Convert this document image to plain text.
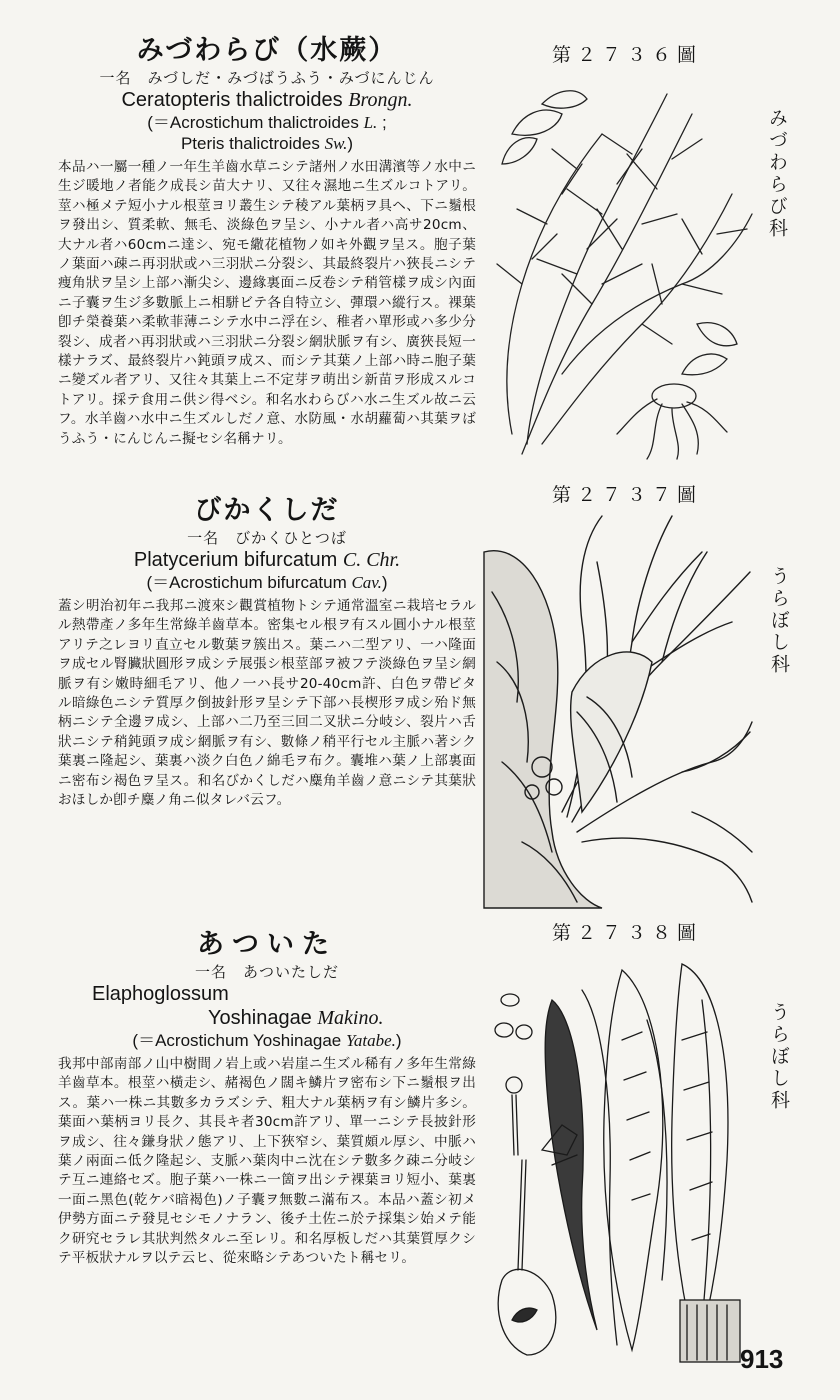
みづわらび（水蕨）

一名　みづしだ・みづばうふう・みづにんじん

Ceratopteris thalictroides Brongn.

(＝Acrostichum thalictroides L. ;

Pteris thalictroides Sw.)

本品ハ一屬一種ノ一年生羊齒水草ニシテ諸州ノ水田溝濱等ノ水中ニ生ジ暖地ノ者能ク成長シ苗大ナリ、又往々濕地ニ生ズルコトアリ。莖ハ極メテ短小ナル根莖ヨリ叢生シテ稜アル葉柄ヲ具ヘ、下ニ鬚根ヲ發出シ、質柔軟、無毛、淡綠色ヲ呈シ、小ナル者ハ高サ20cm、大ナル者ハ60cmニ達シ、宛モ繖花植物ノ如キ外觀ヲ呈ス。胞子葉ノ葉面ハ疎ニ再羽狀或ハ三羽狀ニ分裂シ、其最終裂片ハ狹長ニシテ痩角狀ヲ呈シ上部ハ漸尖シ、邊緣裏面ニ反卷シテ稍管樣ヲ成シ內面ニ子囊ヲ生ジ多數脈上ニ相駢ビテ各自特立シ、彈環ハ縱行ス。裸葉卽チ榮養葉ハ柔軟菲薄ニシテ水中ニ浮在シ、稚者ハ單形或ハ多少分裂シ、成者ハ再羽狀或ハ三羽狀ニ分裂シ網狀脈ヲ有シ、廣狹長短一樣ナラズ、最終裂片ハ鈍頭ヲ成ス、而シテ其葉ノ上部ハ時ニ胞子葉ニ變ズル者アリ、又往々其葉上ニ不定芽ヲ萌出シ新苗ヲ形成スルコトアリ。採テ食用ニ供シ得ベシ。和名水わらびハ水ニ生ズル故ニ云フ。水羊齒ハ水中ニ生ズルしだノ意、水防風・水胡蘿蔔ハ其葉ヲばうふう・にんじんニ擬セシ名稱ナリ。

びかくしだ

一名　びかくひとつば

Platycerium bifurcatum C. Chr.

(＝Acrostichum bifurcatum Cav.)

蓋シ明治初年ニ我邦ニ渡來シ觀賞植物トシテ通常溫室ニ栽培セラルル熱帶產ノ多年生常綠羊齒草本。密集セル根ヲ有スル圓小ナル根莖アリテ之レヨリ直立セル數葉ヲ簇出ス。葉ニハ二型アリ、一ハ隆面ヲ成セル腎臟狀圓形ヲ成シテ展張シ根莖部ヲ被フテ淡綠色ヲ呈シ網脈ヲ有シ嫩時細毛アリ、他ノ一ハ長サ20-40cm許、白色ヲ帶ビタル暗綠色ニシテ質厚ク倒披針形ヲ呈シテ下部ハ長楔形ヲ成シ殆ド無柄ニシテ全邊ヲ成シ、上部ハ二乃至三回二叉狀ニ分岐シ、裂片ハ舌狀ニシテ稍鈍頭ヲ成シ網脈ヲ有シ、數條ノ稍平行セル主脈ハ著シク葉裏ニ隆起シ、葉裏ハ淡ク白色ノ綿毛ヲ布ク。囊堆ハ葉ノ上部裏面ニ密布シ褐色ヲ呈ス。和名びかくしだハ麋角羊齒ノ意ニシテ其葉狀おほしか卽チ麋ノ角ニ似タレバ云フ。

あついた

一名　あついたしだ

Elaphoglossum

Yoshinagae Makino.

(＝Acrostichum Yoshinagae Yatabe.)

我邦中部南部ノ山中樹間ノ岩上或ハ岩崖ニ生ズル稀有ノ多年生常綠羊齒草本。根莖ハ橫走シ、赭褐色ノ闊キ鱗片ヲ密布シ下ニ鬚根ヲ出ス。葉ハ一株ニ其數多カラズシテ、粗大ナル葉柄ヲ有シ鱗片多シ。葉面ハ葉柄ヨリ長ク、其長キ者30cm許アリ、單一ニシテ長披針形ヲ成シ、往々鎌身狀ノ態アリ、上下狹窄シ、葉質頗ル厚シ、中脈ハ葉ノ兩面ニ低ク隆起シ、支脈ハ葉肉中ニ沈在シテ數多ク疎ニ分岐シテ互ニ連絡セズ。胞子葉ハ一株ニ一箇ヲ出シテ裸葉ヨリ短小、葉裏一面ニ黑色(乾ケバ暗褐色)ノ子囊ヲ無數ニ滿布ス。本品ハ蓋シ初メ伊勢方面ニテ發見セシモノナラン、後チ土佐ニ於テ採集シ始メテ能ク研究セラレ其狀判然タルニ至レリ。和名厚板しだハ其葉質厚クシテ平板狀ナルヲ以テ云ヒ、從來略シテあついたト稱セリ。

第２７３６圖
第２７３７圖
第２７３８圖
みづわらび科
うらぼし科
うらぼし科
913
